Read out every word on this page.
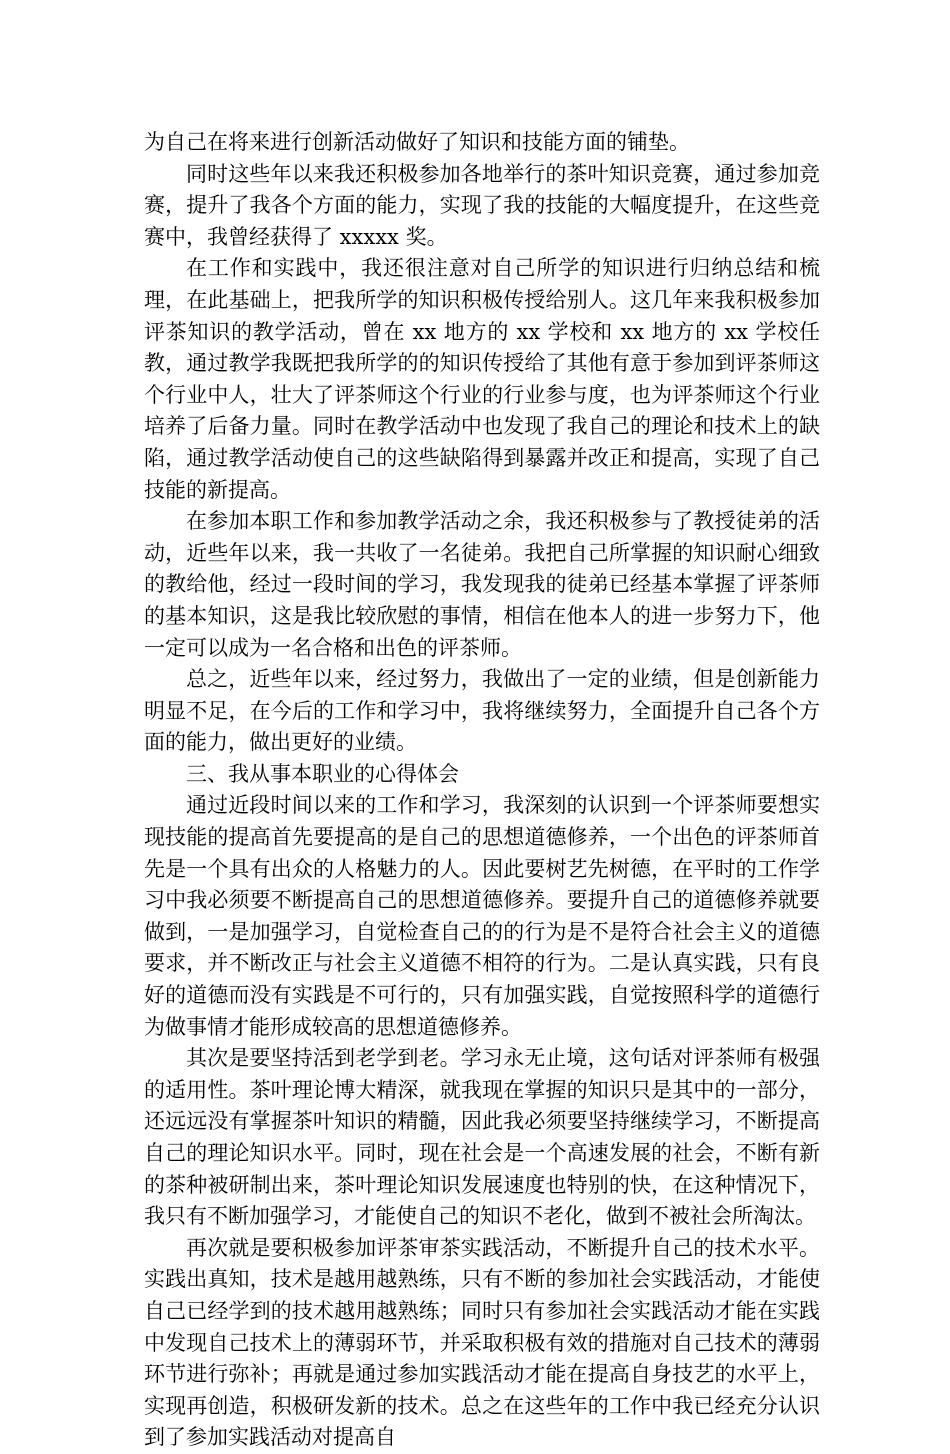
为自己在将来进行创新活动做好了知识和技能方面的铺垫。

同时这些年以来我还积极参加各地举行的茶叶知识竞赛，通过参加竞赛，提升了我各个方面的能力，实现了我的技能的大幅度提升，在这些竞赛中，我曾经获得了 xxxxx 奖。

在工作和实践中，我还很注意对自己所学的知识进行归纳总结和梳理，在此基础上，把我所学的知识积极传授给别人。这几年来我积极参加评茶知识的教学活动，曾在 xx 地方的 xx 学校和 xx 地方的 xx 学校任教，通过教学我既把我所学的的知识传授给了其他有意于参加到评茶师这个行业中人，壮大了评茶师这个行业的行业参与度，也为评茶师这个行业培养了后备力量。同时在教学活动中也发现了我自己的理论和技术上的缺陷，通过教学活动使自己的这些缺陷得到暴露并改正和提高，实现了自己技能的新提高。

在参加本职工作和参加教学活动之余，我还积极参与了教授徒弟的活动，近些年以来，我一共收了一名徒弟。我把自己所掌握的知识耐心细致的教给他，经过一段时间的学习，我发现我的徒弟已经基本掌握了评茶师的基本知识，这是我比较欣慰的事情，相信在他本人的进一步努力下，他一定可以成为一名合格和出色的评茶师。

总之，近些年以来，经过努力，我做出了一定的业绩，但是创新能力明显不足，在今后的工作和学习中，我将继续努力，全面提升自己各个方面的能力，做出更好的业绩。

三、我从事本职业的心得体会

通过近段时间以来的工作和学习，我深刻的认识到一个评茶师要想实现技能的提高首先要提高的是自己的思想道德修养，一个出色的评茶师首先是一个具有出众的人格魅力的人。因此要树艺先树德，在平时的工作学习中我必须要不断提高自己的思想道德修养。要提升自己的道德修养就要做到，一是加强学习，自觉检查自己的的行为是不是符合社会主义的道德要求，并不断改正与社会主义道德不相符的行为。二是认真实践，只有良好的道德而没有实践是不可行的，只有加强实践，自觉按照科学的道德行为做事情才能形成较高的思想道德修养。

其次是要坚持活到老学到老。学习永无止境，这句话对评茶师有极强的适用性。茶叶理论博大精深，就我现在掌握的知识只是其中的一部分，还远远没有掌握茶叶知识的精髓，因此我必须要坚持继续学习，不断提高自己的理论知识水平。同时，现在社会是一个高速发展的社会，不断有新的茶种被研制出来，茶叶理论知识发展速度也特别的快，在这种情况下，我只有不断加强学习，才能使自己的知识不老化，做到不被社会所淘汰。

再次就是要积极参加评茶审茶实践活动，不断提升自己的技术水平。实践出真知，技术是越用越熟练，只有不断的参加社会实践活动，才能使自己已经学到的技术越用越熟练；同时只有参加社会实践活动才能在实践中发现自己技术上的薄弱环节，并采取积极有效的措施对自己技术的薄弱环节进行弥补；再就是通过参加实践活动才能在提高自身技艺的水平上，实现再创造，积极研发新的技术。总之在这些年的工作中我已经充分认识到了参加实践活动对提高自
